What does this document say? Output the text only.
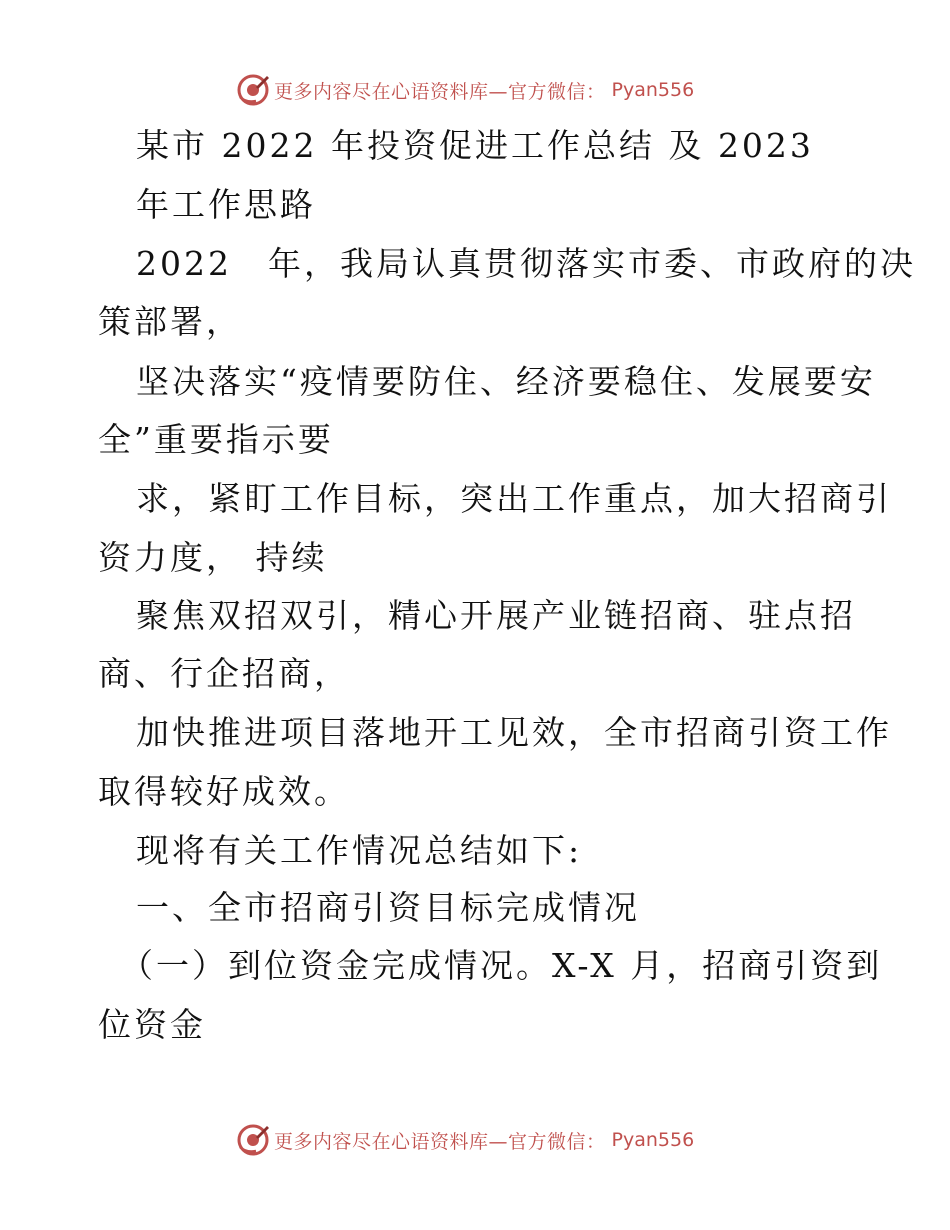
更多内容尽在心语资料库—官方微信： Pyan556
某市 2022 年投资促进工作总结 及 2023
年工作思路
2022　年，我局认真贯彻落实市委、市政府的决
策部署，
坚决落实“疫情要防住、经济要稳住、发展要安
全”重要指示要
求，紧盯工作目标，突出工作重点，加大招商引
资力度， 持续
聚焦双招双引，精心开展产业链招商、驻点招
商、行企招商，
加快推进项目落地开工见效，全市招商引资工作
取得较好成效。
现将有关工作情况总结如下:
一、全市招商引资目标完成情况
（一）到位资金完成情况。X-X 月，招商引资到
位资金
更多内容尽在心语资料库—官方微信： Pyan556
